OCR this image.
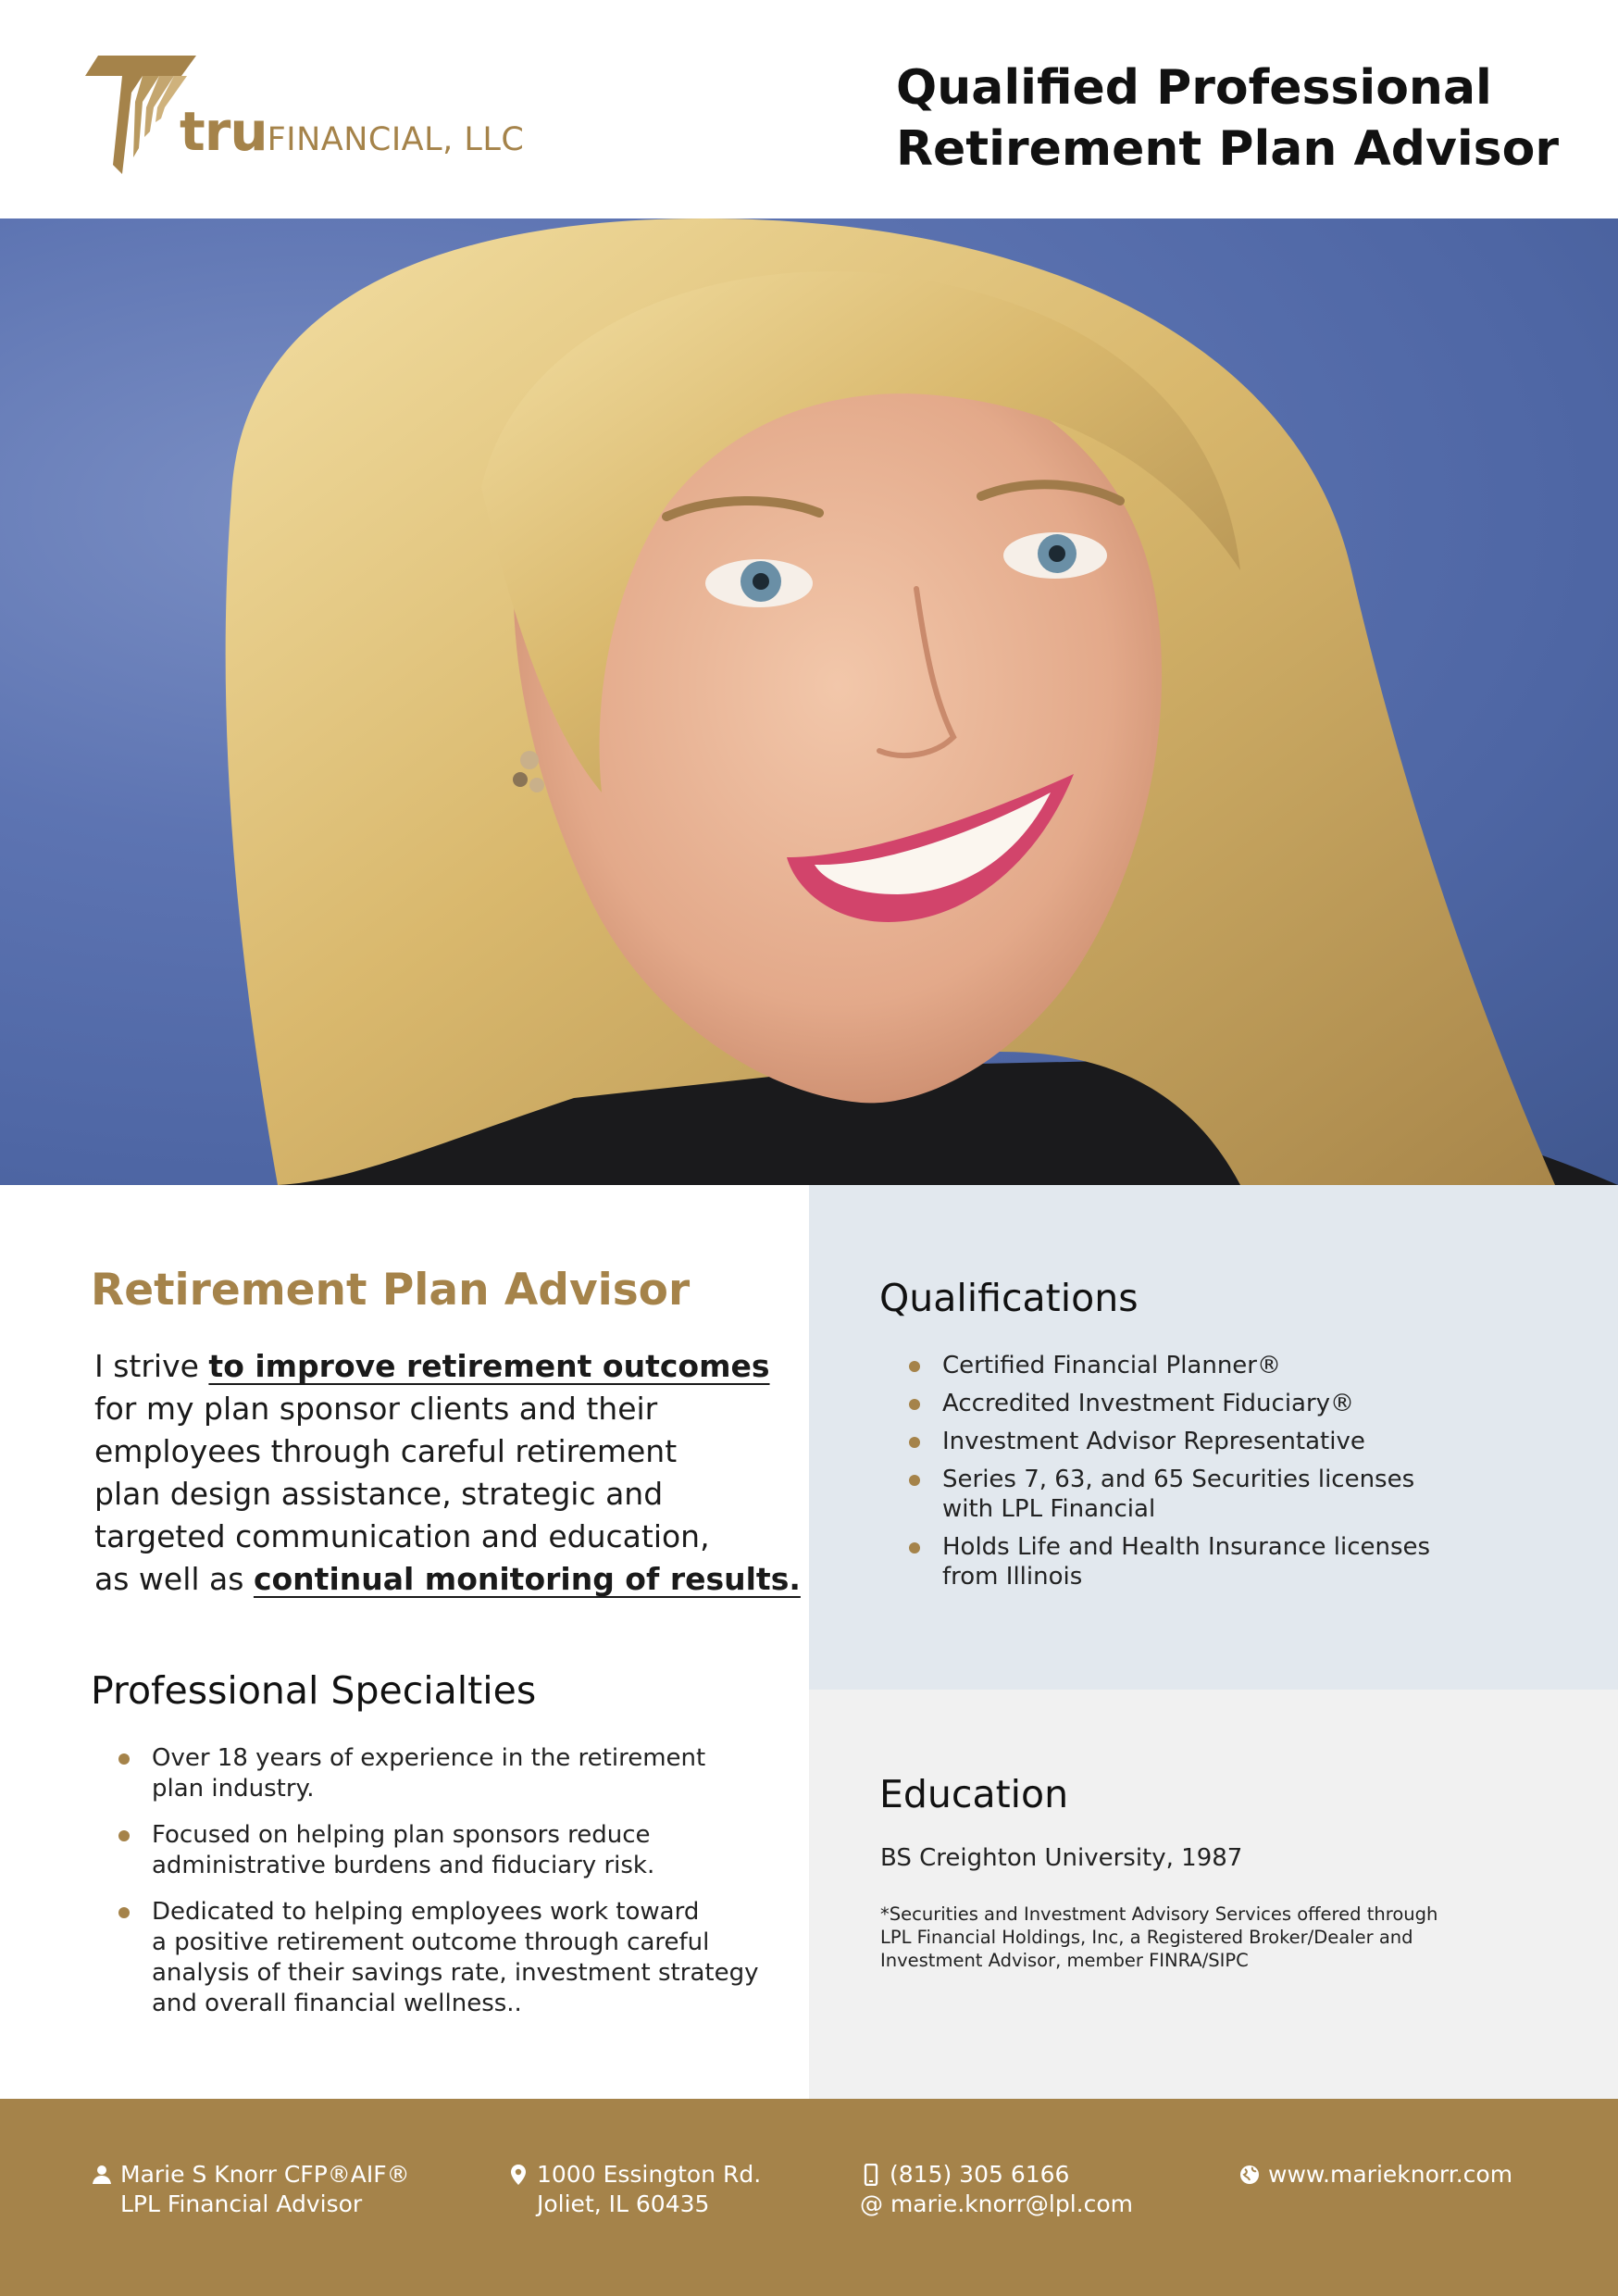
truFINANCIAL, LLC
Qualified Professional
Retirement Plan Advisor
Retirement Plan Advisor

I strive to improve retirement outcomes

for my plan sponsor clients and their

employees through careful retirement

plan design assistance, strategic and

targeted communication and education,

as well as continual monitoring of results.

Professional Specialties
Over 18 years of experience in the retirement
plan industry.
Focused on helping plan sponsors reduce
administrative burdens and fiduciary risk.
Dedicated to helping employees work toward
a positive retirement outcome through careful
analysis of their savings rate, investment strategy
and overall financial wellness..
Qualifications
Certified Financial Planner®
Accredited Investment Fiduciary®
Investment Advisor Representative
Series 7, 63, and 65 Securities licenses
with LPL Financial
Holds Life and Health Insurance licenses
from Illinois
Education
BS Creighton University, 1987
*Securities and Investment Advisory Services offered through
LPL Financial Holdings, Inc, a Registered Broker/Dealer and
Investment Advisor, member FINRA/SIPC
Marie S Knorr CFP®AIF®
LPL Financial Advisor
1000 Essington Rd.
Joliet, IL 60435
(815) 305 6166
@ marie.knorr@lpl.com
www.marieknorr.com
